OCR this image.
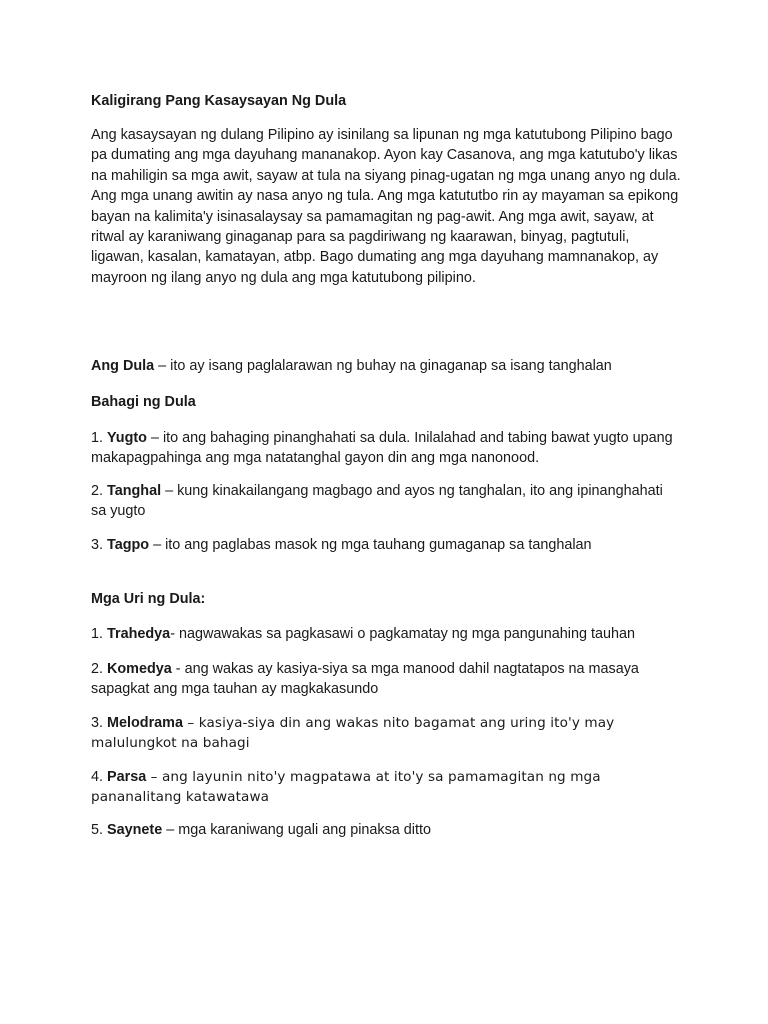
Kaligirang Pang Kasaysayan Ng Dula

Ang kasaysayan ng dulang Pilipino ay isinilang sa lipunan ng mga katutubong Pilipino bago pa dumating ang mga dayuhang mananakop. Ayon kay Casanova, ang mga katutubo'y likas na mahiligin sa mga awit, sayaw at tula na siyang pinag-ugatan ng mga unang anyo ng dula. Ang mga unang awitin ay nasa anyo ng tula. Ang mga katututbo rin ay mayaman sa epikong bayan na kalimita'y isinasalaysay sa pamamagitan ng pag-awit. Ang mga awit, sayaw, at ritwal ay karaniwang ginaganap para sa pagdiriwang ng kaarawan, binyag, pagtutuli, ligawan, kasalan, kamatayan, atbp. Bago dumating ang mga dayuhang mamnanakop, ay mayroon ng ilang anyo ng dula ang mga katutubong pilipino.

Ang Dula – ito ay isang paglalarawan ng buhay na ginaganap sa isang tanghalan

Bahagi ng Dula

1. Yugto – ito ang bahaging pinanghahati sa dula. Inilalahad and tabing bawat yugto upang makapagpahinga ang mga natatanghal gayon din ang mga nanonood.

2. Tanghal – kung kinakailangang magbago and ayos ng tanghalan, ito ang ipinanghahati sa yugto

3. Tagpo – ito ang paglabas masok ng mga tauhang gumaganap sa tanghalan

Mga Uri ng Dula:

1. Trahedya- nagwawakas sa pagkasawi o pagkamatay ng mga pangunahing tauhan

2. Komedya - ang wakas ay kasiya-siya sa mga manood dahil nagtatapos na masaya sapagkat ang mga tauhan ay magkakasundo

3. Melodrama – kasiya-siya din ang wakas nito bagamat ang uring ito'y may malulungkot na bahagi

4. Parsa – ang layunin nito'y magpatawa at ito'y sa pamamagitan ng mga pananalitang katawatawa

5. Saynete – mga karaniwang ugali ang pinaksa ditto
